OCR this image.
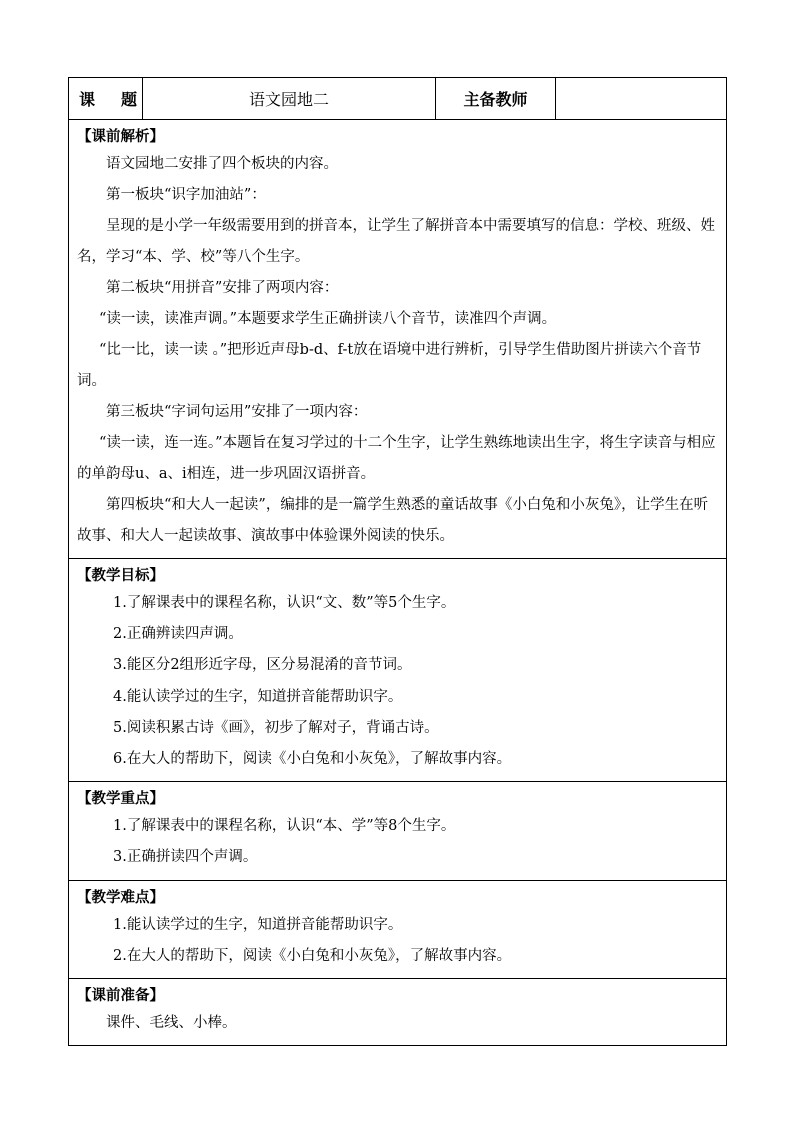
课 题	语文园地二	主备教师	

【课前解析】

语文园地二安排了四个板块的内容。

第一板块“识字加油站”：

呈现的是小学一年级需要用到的拼音本，让学生了解拼音本中需要填写的信息：学校、班级、姓名，学习“本、学、校”等八个生字。

第二板块“用拼音”安排了两项内容：

“读一读，读准声调。”本题要求学生正确拼读八个音节，读准四个声调。

“比一比，读一读 。”把形近声母b-d、f-t放在语境中进行辨析，引导学生借助图片拼读六个音节词。

第三板块“字词句运用”安排了一项内容：

“读一读，连一连。”本题旨在复习学过的十二个生字，让学生熟练地读出生字，将生字读音与相应的单韵母u、a、i相连，进一步巩固汉语拼音。

第四板块“和大人一起读”，编排的是一篇学生熟悉的童话故事《小白兔和小灰兔》，让学生在听故事、和大人一起读故事、演故事中体验课外阅读的快乐。

【教学目标】

1.了解课表中的课程名称，认识“文、数”等5个生字。

2.正确辨读四声调。

3.能区分2组形近字母，区分易混淆的音节词。

4.能认读学过的生字，知道拼音能帮助识字。

5.阅读积累古诗《画》，初步了解对子，背诵古诗。

6.在大人的帮助下，阅读《小白兔和小灰兔》，了解故事内容。

【教学重点】

1.了解课表中的课程名称，认识“本、学”等8个生字。

3.正确拼读四个声调。

【教学难点】

1.能认读学过的生字，知道拼音能帮助识字。

2.在大人的帮助下，阅读《小白兔和小灰兔》，了解故事内容。

【课前准备】

课件、毛线、小棒。
